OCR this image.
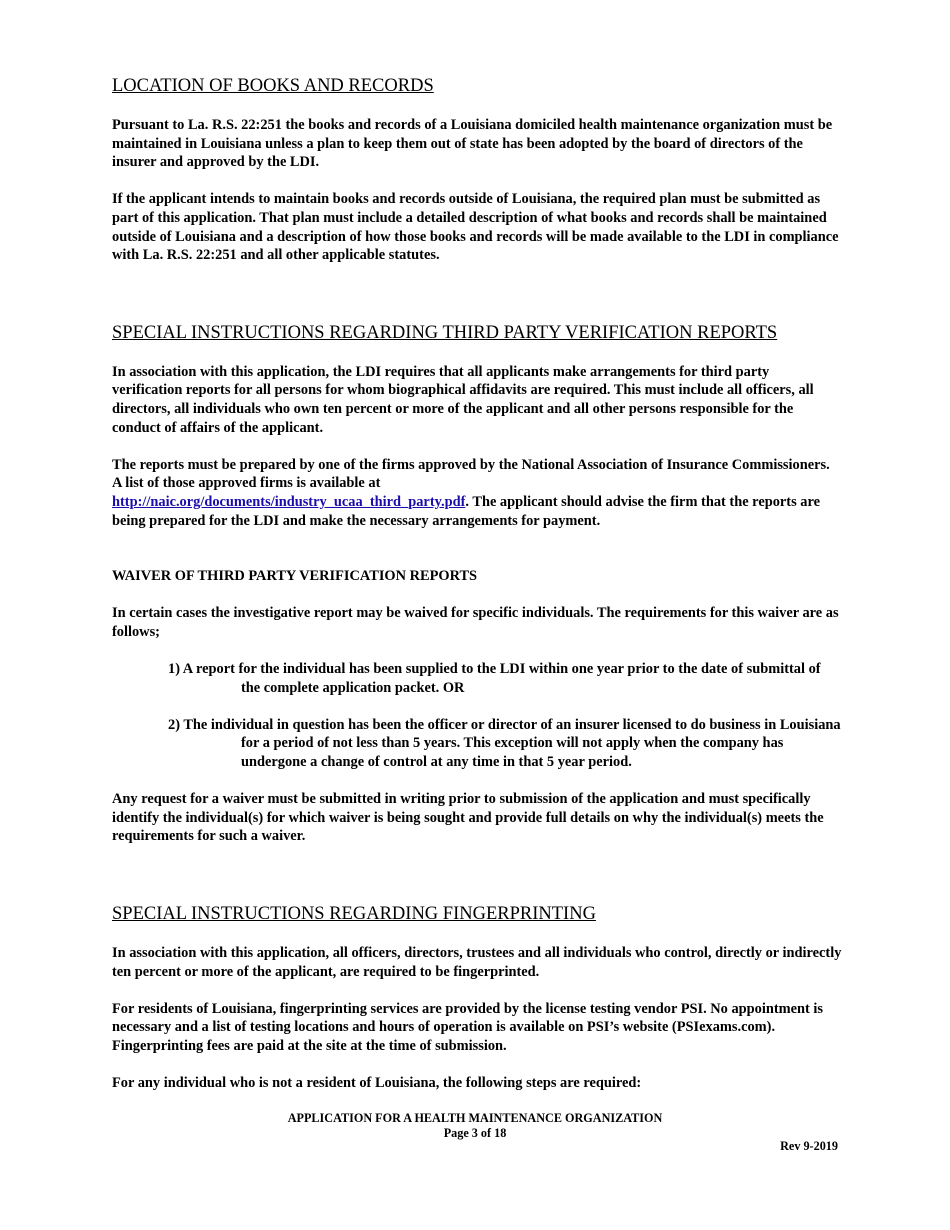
LOCATION OF BOOKS AND RECORDS

Pursuant to La. R.S. 22:251 the books and records of a Louisiana domiciled health maintenance organization must be maintained in Louisiana unless a plan to keep them out of state has been adopted by the board of directors of the insurer and approved by the LDI.

If the applicant intends to maintain books and records outside of Louisiana, the required plan must be submitted as part of this application. That plan must include a detailed description of what books and records shall be maintained outside of Louisiana and a description of how those books and records will be made available to the LDI in compliance with La. R.S. 22:251 and all other applicable statutes.

SPECIAL INSTRUCTIONS REGARDING THIRD PARTY VERIFICATION REPORTS

In association with this application, the LDI requires that all applicants make arrangements for third party verification reports for all persons for whom biographical affidavits are required. This must include all officers, all directors, all individuals who own ten percent or more of the applicant and all other persons responsible for the conduct of affairs of the applicant.

The reports must be prepared by one of the firms approved by the National Association of Insurance Commissioners. A list of those approved firms is available at
http://naic.org/documents/industry_ucaa_third_party.pdf. The applicant should advise the firm that the reports are being prepared for the LDI and make the necessary arrangements for payment.

WAIVER OF THIRD PARTY VERIFICATION REPORTS

In certain cases the investigative report may be waived for specific individuals. The requirements for this waiver are as follows;

1) A report for the individual has been supplied to the LDI within one year prior to the date of submittal of the complete application packet. OR

2) The individual in question has been the officer or director of an insurer licensed to do business in Louisiana for a period of not less than 5 years. This exception will not apply when the company has undergone a change of control at any time in that 5 year period.

Any request for a waiver must be submitted in writing prior to submission of the application and must specifically identify the individual(s) for which waiver is being sought and provide full details on why the individual(s) meets the requirements for such a waiver.

SPECIAL INSTRUCTIONS REGARDING FINGERPRINTING

In association with this application, all officers, directors, trustees and all individuals who control, directly or indirectly ten percent or more of the applicant, are required to be fingerprinted.

For residents of Louisiana, fingerprinting services are provided by the license testing vendor PSI. No appointment is necessary and a list of testing locations and hours of operation is available on PSI’s website (PSIexams.com). Fingerprinting fees are paid at the site at the time of submission.

For any individual who is not a resident of Louisiana, the following steps are required:

APPLICATION FOR A HEALTH MAINTENANCE ORGANIZATION
Page 3 of 18
Rev 9-2019
